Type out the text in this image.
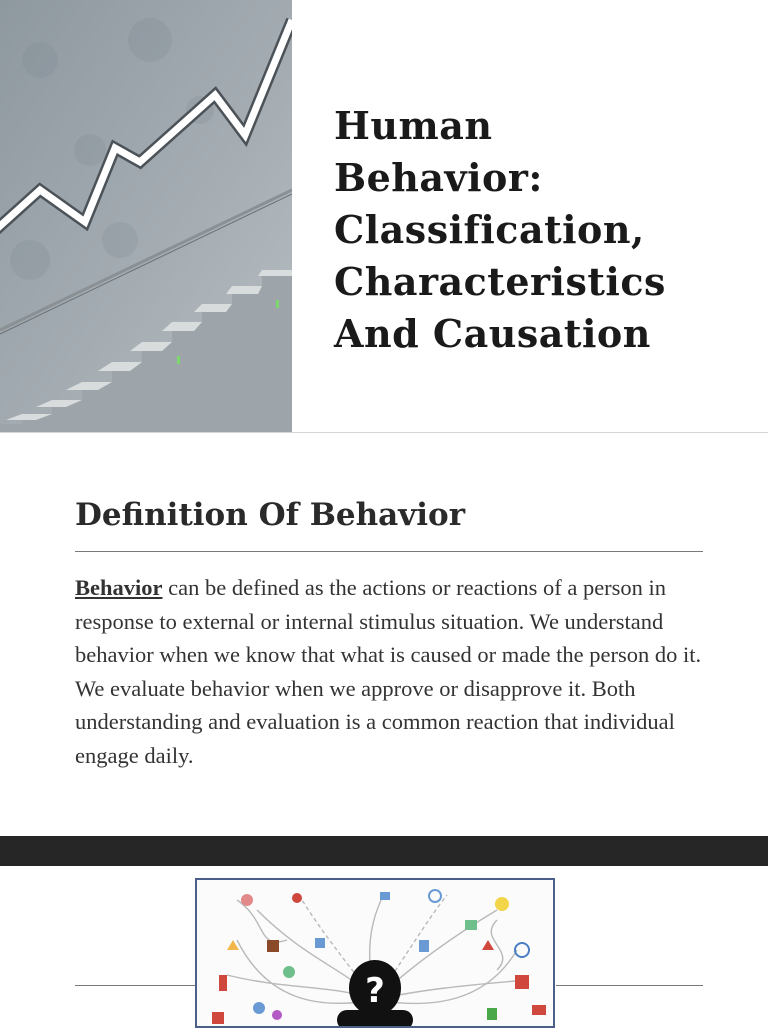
Human
Behavior:
Classification,
Characteristics
And Causation
Definition Of Behavior
Behavior can be defined as the actions or reactions of a person in response to external or internal stimulus situation. We understand behavior when we know that what is caused or made the person do it. We evaluate behavior when we approve or disapprove it. Both understanding and evaluation is a common reaction that individual engage daily.
?
